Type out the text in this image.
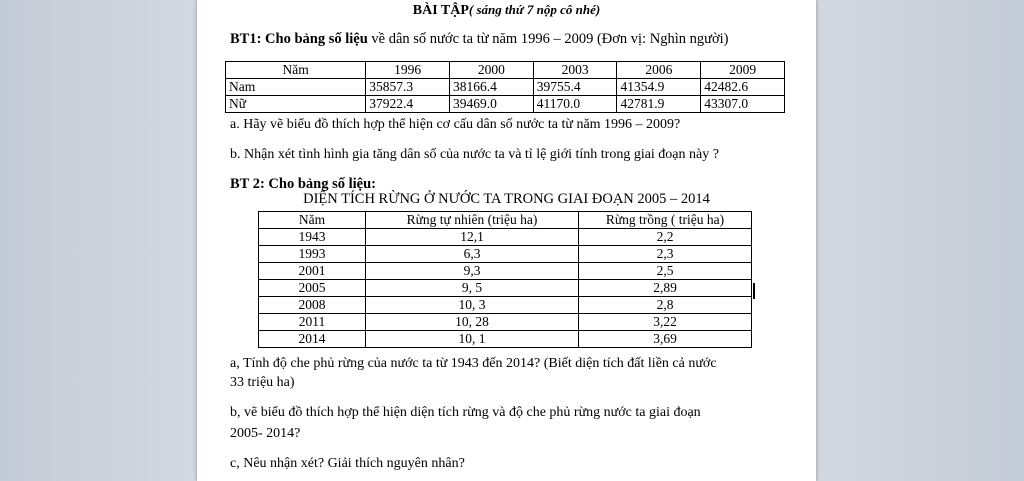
BÀI TẬP( sáng thứ 7 nộp cô nhé)
BT1: Cho bảng số liệu về dân số nước ta từ năm 1996 – 2009 (Đơn vị: Nghìn người)
Năm	1996	2000	2003	2006	2009
Nam	35857.3	38166.4	39755.4	41354.9	42482.6
Nữ	37922.4	39469.0	41170.0	42781.9	43307.0

a. Hãy vẽ biểu đồ thích hợp thể hiện cơ cấu dân số nước ta từ năm 1996 – 2009?

b. Nhận xét tình hình gia tăng dân số của nước ta và tỉ lệ giới tính trong giai đoạn này ?

BT 2: Cho bảng số liệu:
DIỆN TÍCH RỪNG Ở NƯỚC TA TRONG GIAI ĐOẠN 2005 – 2014
Năm	Rừng tự nhiên (triệu ha)	Rừng trồng ( triệu ha)
1943	12,1	2,2
1993	6,3	2,3
2001	9,3	2,5
2005	9, 5	2,89
2008	10, 3	2,8
2011	10, 28	3,22
2014	10, 1	3,69

a, Tính độ che phủ rừng của nước ta từ 1943 đến 2014? (Biết diện tích đất liền cả nước

33 triệu ha)

b, vẽ biểu đồ thích hợp thể hiện diện tích rừng và độ che phủ rừng nước ta giai đoạn

2005- 2014?

c, Nêu nhận xét? Giải thích nguyên nhân?
